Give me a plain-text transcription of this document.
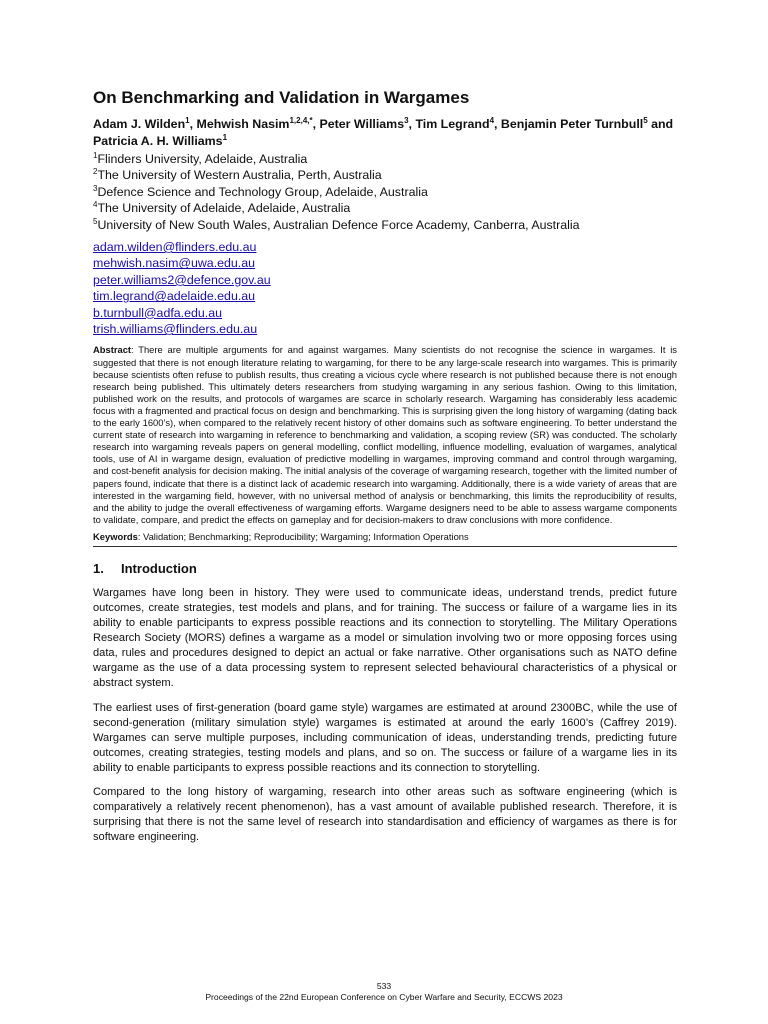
On Benchmarking and Validation in Wargames
Adam J. Wilden$^1$, Mehwish Nasim$^{1,2,4,*}$, Peter Williams$^3$, Tim Legrand$^4$, Benjamin Peter Turnbull$^5$ and Patricia A. H. Williams$^1$
$^1$Flinders University, Adelaide, Australia
$^2$The University of Western Australia, Perth, Australia
$^3$Defence Science and Technology Group, Adelaide, Australia
$^4$The University of Adelaide, Adelaide, Australia
$^5$University of New South Wales, Australian Defence Force Academy, Canberra, Australia
adam.wilden@flinders.edu.au
mehwish.nasim@uwa.edu.au
peter.williams2@defence.gov.au
tim.legrand@adelaide.edu.au
b.turnbull@adfa.edu.au
trish.williams@flinders.edu.au
Abstract: There are multiple arguments for and against wargames. Many scientists do not recognise the science in wargames. It is suggested that there is not enough literature relating to wargaming, for there to be any large-scale research into wargames. This is primarily because scientists often refuse to publish results, thus creating a vicious cycle where research is not published because there is not enough research being published. This ultimately deters researchers from studying wargaming in any serious fashion. Owing to this limitation, published work on the results, and protocols of wargames are scarce in scholarly research. Wargaming has considerably less academic focus with a fragmented and practical focus on design and benchmarking. This is surprising given the long history of wargaming (dating back to the early 1600’s), when compared to the relatively recent history of other domains such as software engineering. To better understand the current state of research into wargaming in reference to benchmarking and validation, a scoping review (SR) was conducted. The scholarly research into wargaming reveals papers on general modelling, conflict modelling, influence modelling, evaluation of wargames, analytical tools, use of AI in wargame design, evaluation of predictive modelling in wargames, improving command and control through wargaming, and cost-benefit analysis for decision making. The initial analysis of the coverage of wargaming research, together with the limited number of papers found, indicate that there is a distinct lack of academic research into wargaming. Additionally, there is a wide variety of areas that are interested in the wargaming field, however, with no universal method of analysis or benchmarking, this limits the reproducibility of results, and the ability to judge the overall effectiveness of wargaming efforts. Wargame designers need to be able to assess wargame components to validate, compare, and predict the effects on gameplay and for decision-makers to draw conclusions with more confidence.
Keywords: Validation; Benchmarking; Reproducibility; Wargaming; Information Operations
1. Introduction

Wargames have long been in history. They were used to communicate ideas, understand trends, predict future outcomes, create strategies, test models and plans, and for training. The success or failure of a wargame lies in its ability to enable participants to express possible reactions and its connection to storytelling. The Military Operations Research Society (MORS) defines a wargame as a model or simulation involving two or more opposing forces using data, rules and procedures designed to depict an actual or fake narrative. Other organisations such as NATO define wargame as the use of a data processing system to represent selected behavioural characteristics of a physical or abstract system.

The earliest uses of first-generation (board game style) wargames are estimated at around 2300BC, while the use of second-generation (military simulation style) wargames is estimated at around the early 1600’s (Caffrey 2019). Wargames can serve multiple purposes, including communication of ideas, understanding trends, predicting future outcomes, creating strategies, testing models and plans, and so on. The success or failure of a wargame lies in its ability to enable participants to express possible reactions and its connection to storytelling.

Compared to the long history of wargaming, research into other areas such as software engineering (which is comparatively a relatively recent phenomenon), has a vast amount of available published research. Therefore, it is surprising that there is not the same level of research into standardisation and efficiency of wargames as there is for software engineering.

533
Proceedings of the 22nd European Conference on Cyber Warfare and Security, ECCWS 2023
